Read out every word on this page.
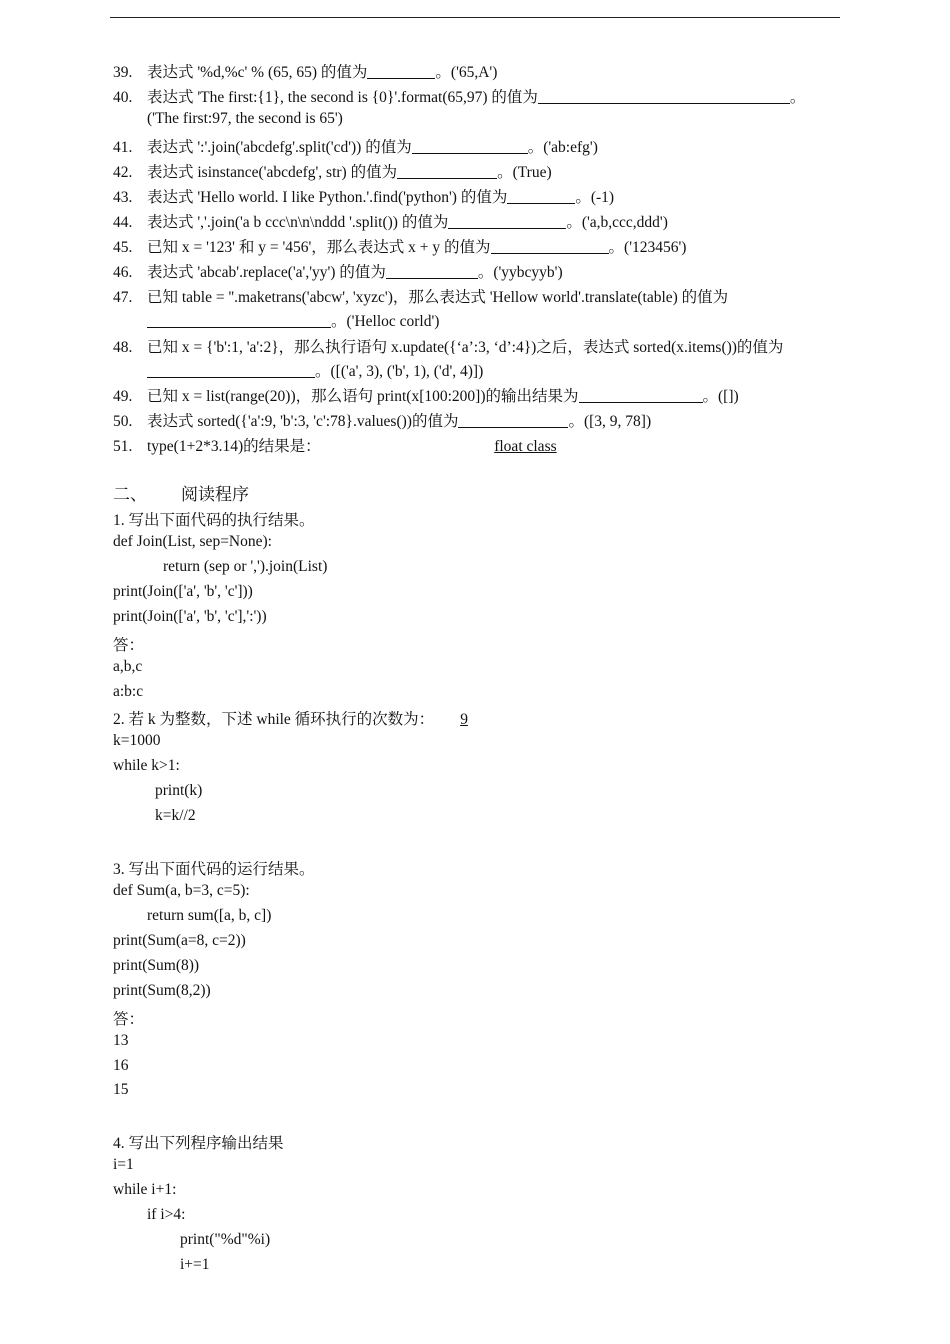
39. 表达式 '%d,%c' % (65, 65) 的值为	。('65,A')
40. 表达式 'The first:{1}, the second is {0}'.format(65,97) 的值为	。
('The first:97, the second is 65')
41. 表达式 ':'.join('abcdefg'.split('cd')) 的值为	。('ab:efg')
42. 表达式 isinstance('abcdefg', str) 的值为	。(True)
43. 表达式 'Hello world. I like Python.'.find('python') 的值为	。(-1)
44. 表达式 ','.join('a b ccc\n\n\nddd '.split()) 的值为	。('a,b,ccc,ddd')
45. 已知 x = '123' 和 y = '456'，那么表达式 x + y 的值为	。('123456')
46. 表达式 'abcab'.replace('a','yy') 的值为	。('yybcyyb')
47. 已知 table = ''.maketrans('abcw', 'xyzc')，那么表达式 'Hellow world'.translate(table) 的值为
。('Helloc corld')
48. 已知 x = {'b':1, 'a':2}，那么执行语句 x.update({‘a’:3, ‘d’:4})之后，表达式 sorted(x.items())的值为
。([('a', 3), ('b', 1), ('d', 4)])
49. 已知 x = list(range(20))，那么语句 print(x[100:200])的输出结果为	。([])
50. 表达式 sorted({'a':9, 'b':3, 'c':78}.values())的值为	。([3, 9, 78])
51. type(1+2*3.14)的结果是：	float class
二、 阅读程序
1. 写出下面代码的执行结果。
def Join(List, sep=None):
return (sep or ',').join(List)
print(Join(['a', 'b', 'c']))
print(Join(['a', 'b', 'c'],':'))
答：
a,b,c
a:b:c
2. 若 k 为整数，下述 while 循环执行的次数为： 9
k=1000
while k>1:
print(k)
k=k//2
3. 写出下面代码的运行结果。
def Sum(a, b=3, c=5):
return sum([a, b, c])
print(Sum(a=8, c=2))
print(Sum(8))
print(Sum(8,2))
答：
13
16
15
4. 写出下列程序输出结果
i=1
while i+1:
if i>4:
print("%d"%i)
i+=1
